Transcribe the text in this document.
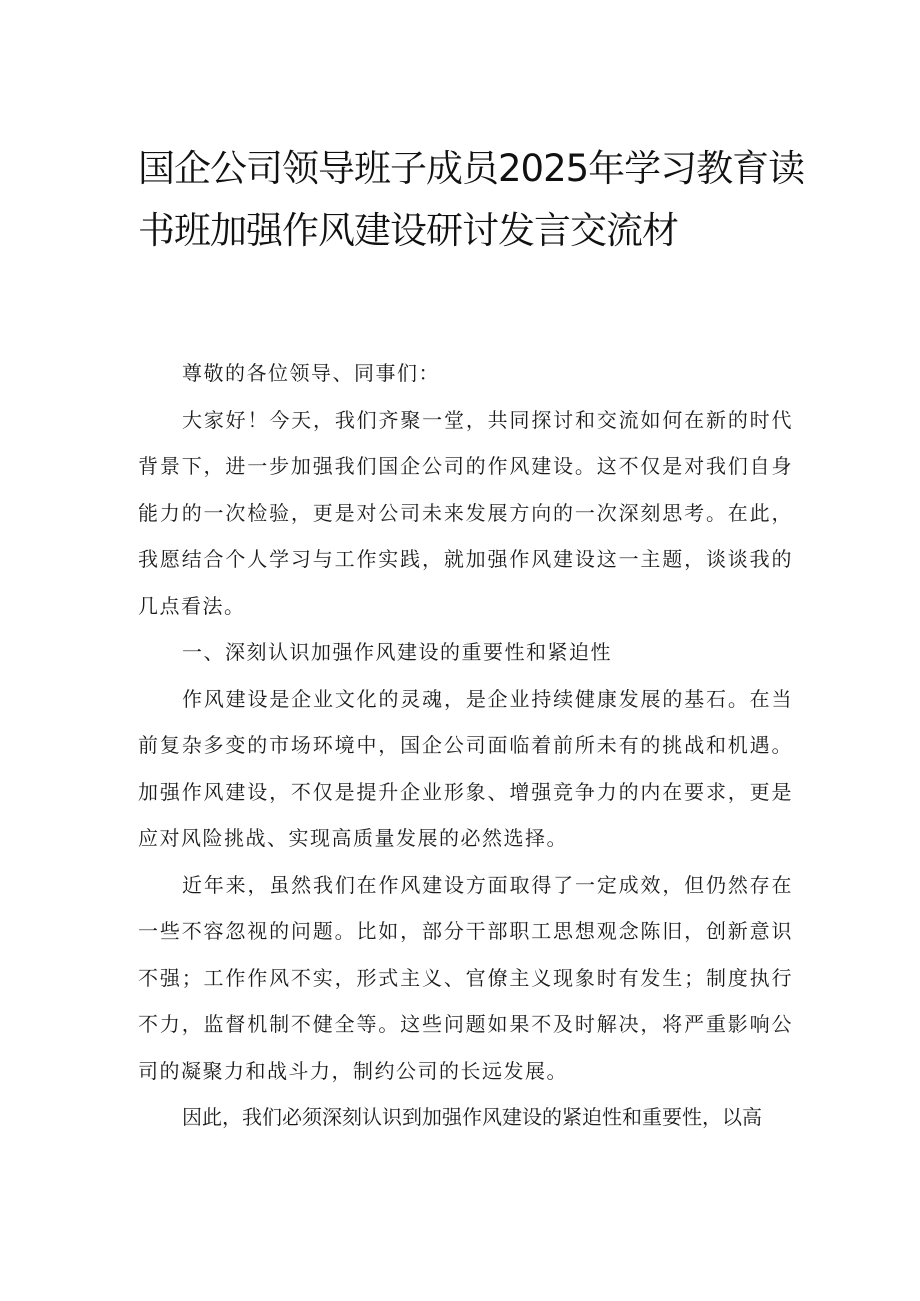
国企公司领导班子成员2025年学习教育读
书班加强作风建设研讨发言交流材

尊敬的各位领导、同事们：

大家好！今天，我们齐聚一堂，共同探讨和交流如何在新的时代背景下，进一步加强我们国企公司的作风建设。这不仅是对我们自身能力的一次检验，更是对公司未来发展方向的一次深刻思考。在此，我愿结合个人学习与工作实践，就加强作风建设这一主题，谈谈我的几点看法。

一、深刻认识加强作风建设的重要性和紧迫性

作风建设是企业文化的灵魂，是企业持续健康发展的基石。在当前复杂多变的市场环境中，国企公司面临着前所未有的挑战和机遇。加强作风建设，不仅是提升企业形象、增强竞争力的内在要求，更是应对风险挑战、实现高质量发展的必然选择。

近年来，虽然我们在作风建设方面取得了一定成效，但仍然存在一些不容忽视的问题。比如，部分干部职工思想观念陈旧，创新意识不强；工作作风不实，形式主义、官僚主义现象时有发生；制度执行不力，监督机制不健全等。这些问题如果不及时解决，将严重影响公司的凝聚力和战斗力，制约公司的长远发展。

因此，我们必须深刻认识到加强作风建设的紧迫性和重要性，以高
